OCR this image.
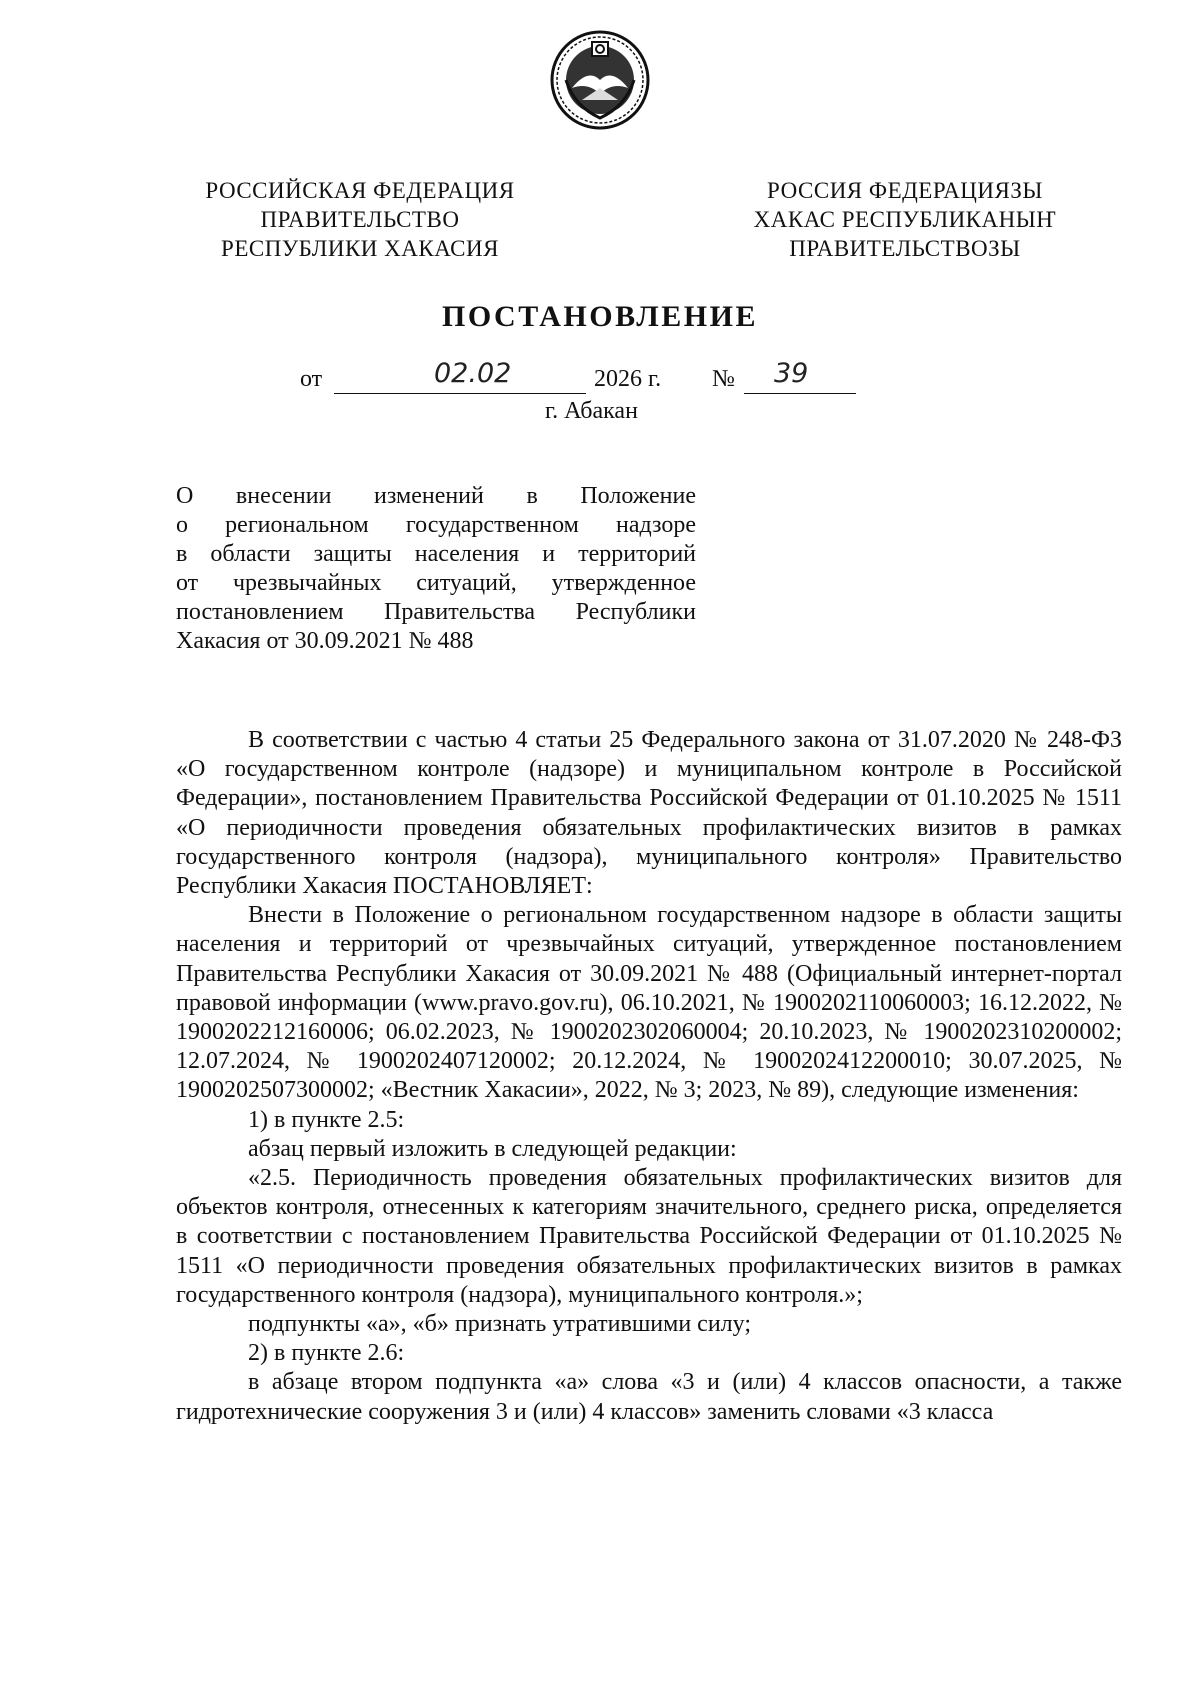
РОССИЙСКАЯ ФЕДЕРАЦИЯ
ПРАВИТЕЛЬСТВО
РЕСПУБЛИКИ ХАКАСИЯ
РОССИЯ ФЕДЕРАЦИЯЗЫ
ХАКАС РЕСПУБЛИКАНЫҤ
ПРАВИТЕЛЬСТВОЗЫ
ПОСТАНОВЛЕНИЕ
от	02.02	2026 г. № 39
г. Абакан
О внесении изменений в Положение
о региональном государственном надзоре
в области защиты населения и территорий
от чрезвычайных ситуаций, утвержденное
постановлением Правительства Республики
Хакасия от 30.09.2021 № 488

В соответствии с частью 4 статьи 25 Федерального закона от 31.07.2020 № 248-ФЗ «О государственном контроле (надзоре) и муниципальном контроле в Российской Федерации», постановлением Правительства Российской Федерации от 01.10.2025 № 1511 «О периодичности проведения обязательных профилактических визитов в рамках государственного контроля (надзора), муниципального контроля» Правительство Республики Хакасия ПОСТАНОВЛЯЕТ:

Внести в Положение о региональном государственном надзоре в области защиты населения и территорий от чрезвычайных ситуаций, утвержденное постановлением Правительства Республики Хакасия от 30.09.2021 № 488 (Официальный интернет-портал правовой информации (www.pravo.gov.ru), 06.10.2021, № 1900202110060003; 16.12.2022, № 1900202212160006; 06.02.2023, № 1900202302060004; 20.10.2023, № 1900202310200002; 12.07.2024, № 1900202407120002; 20.12.2024, № 1900202412200010; 30.07.2025, № 1900202507300002; «Вестник Хакасии», 2022, № 3; 2023, № 89), следующие изменения:

1) в пункте 2.5:

абзац первый изложить в следующей редакции:

«2.5. Периодичность проведения обязательных профилактических визитов для объектов контроля, отнесенных к категориям значительного, среднего риска, определяется в соответствии с постановлением Правительства Российской Федерации от 01.10.2025 № 1511 «О периодичности проведения обязательных профилактических визитов в рамках государственного контроля (надзора), муниципального контроля.»;

подпункты «а», «б» признать утратившими силу;

2) в пункте 2.6:

в абзаце втором подпункта «а» слова «3 и (или) 4 классов опасности, а также гидротехнические сооружения 3 и (или) 4 классов» заменить словами «3 класса
